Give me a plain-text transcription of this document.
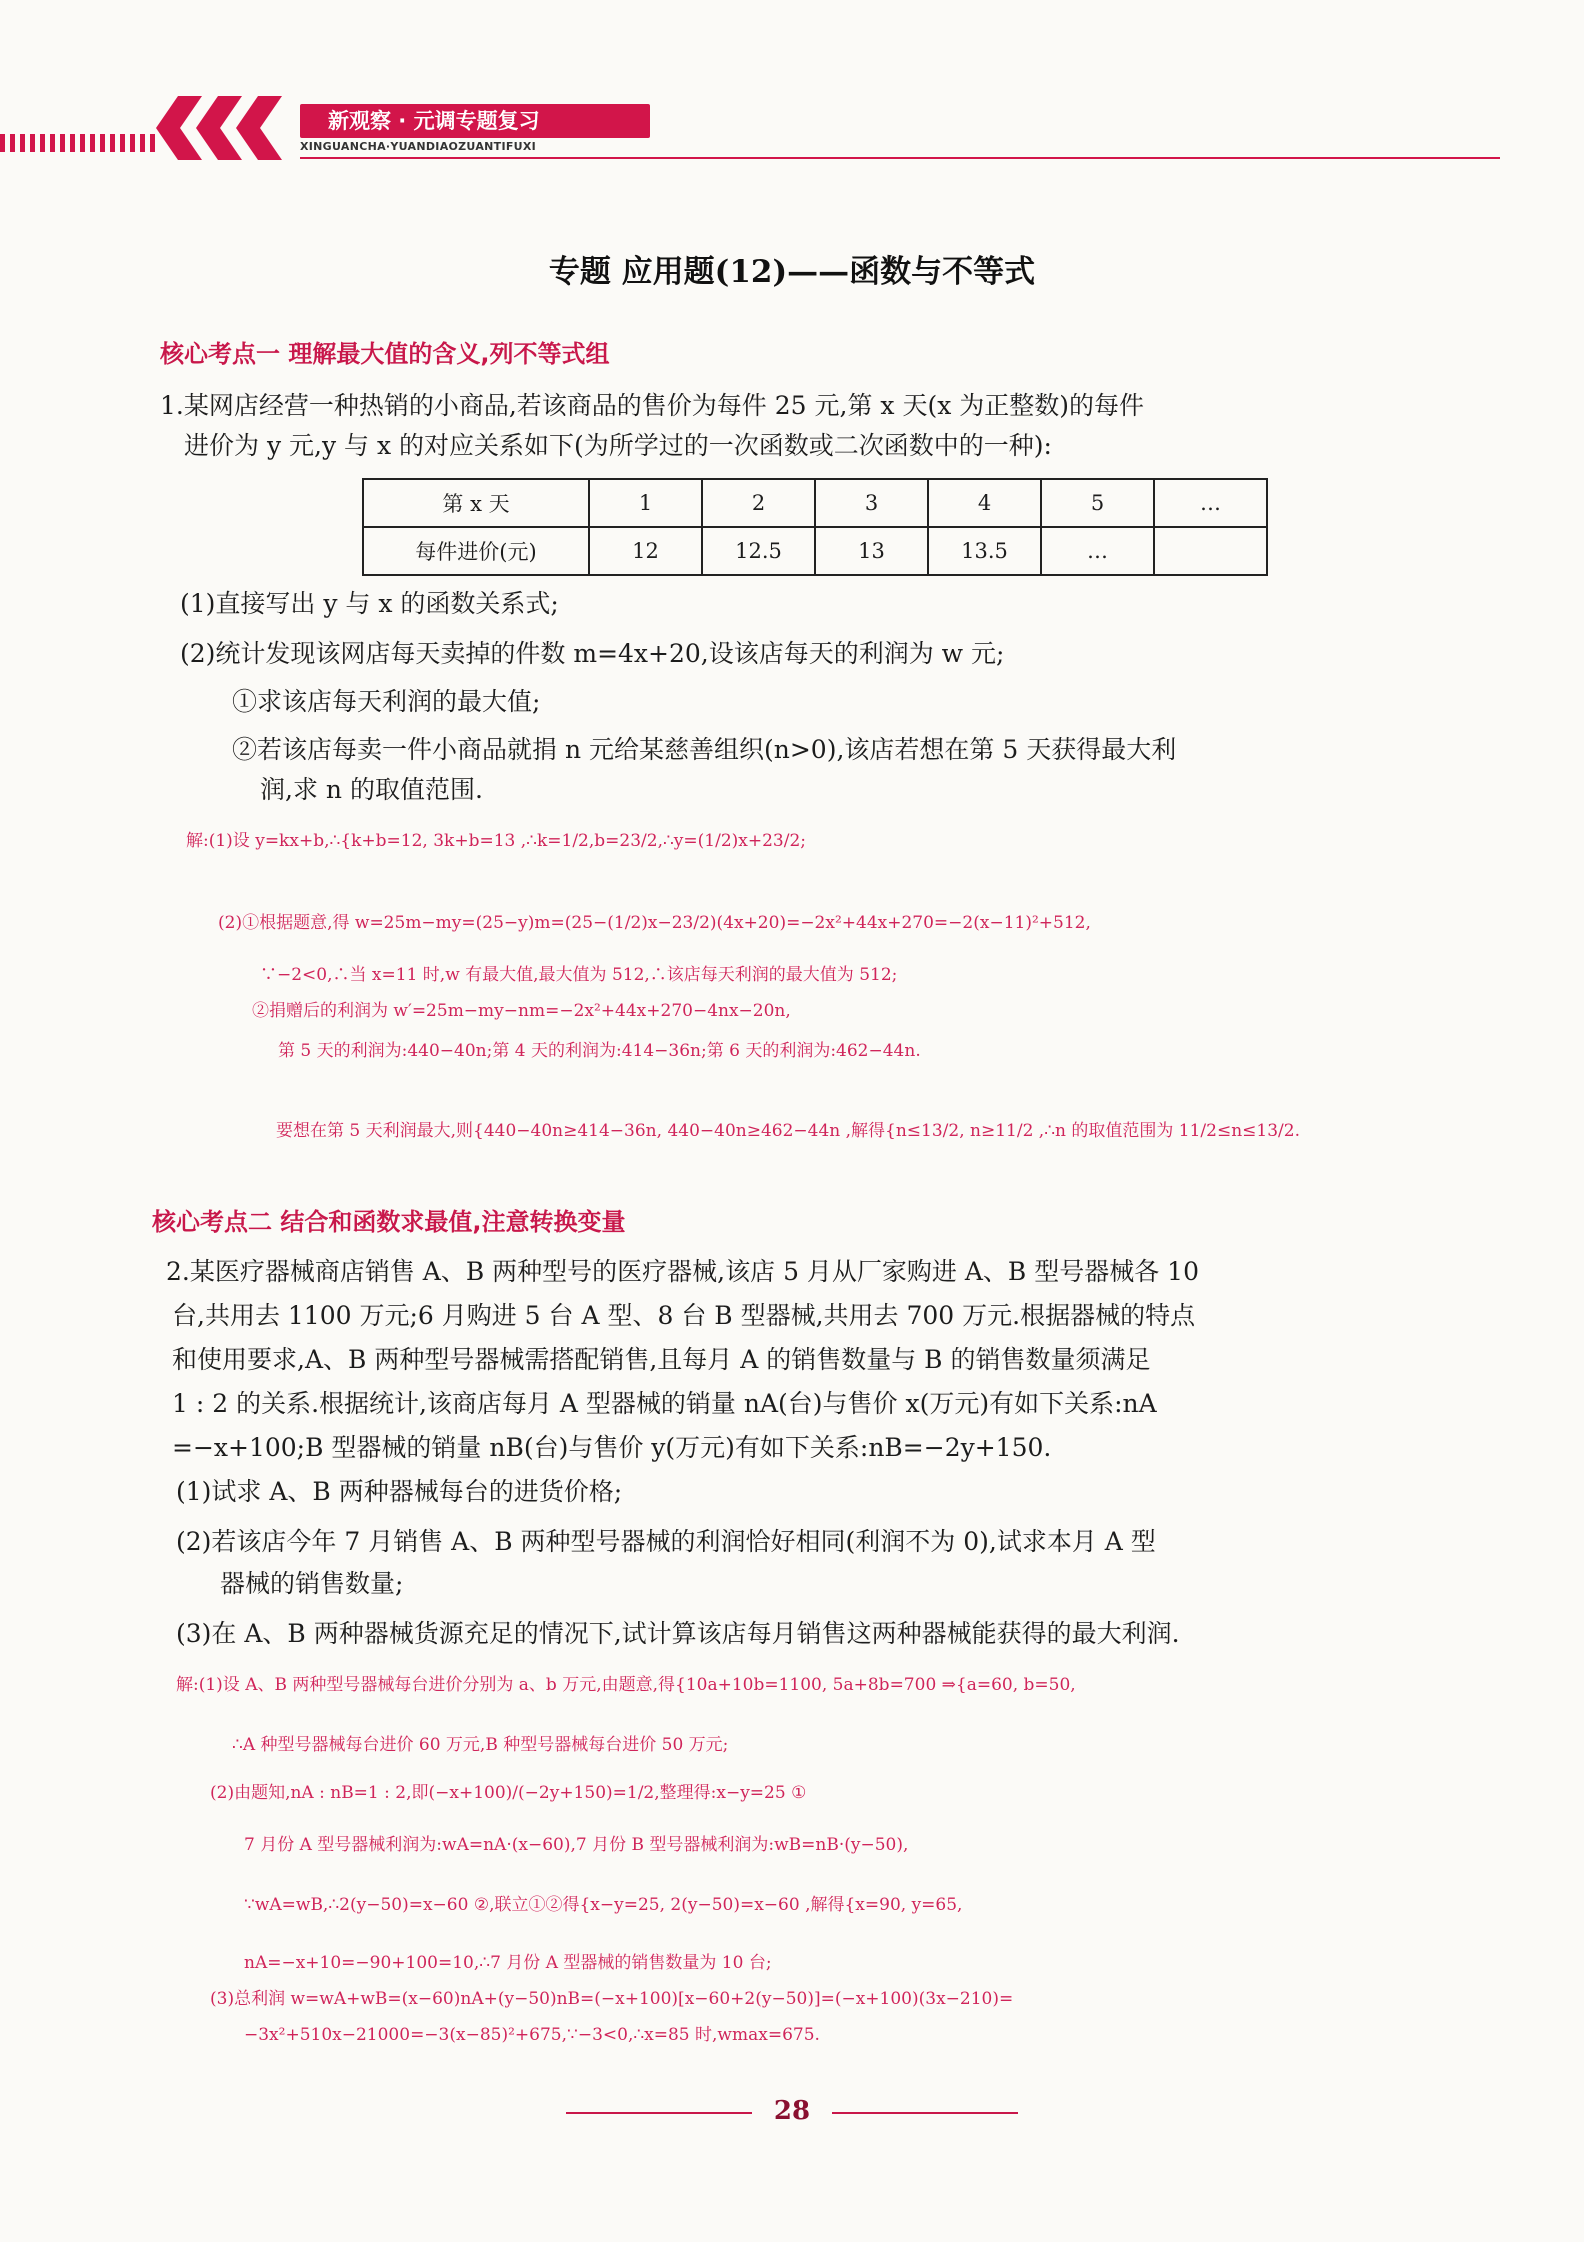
新观察 · 元调专题复习
XINGUANCHA·YUANDIAOZUANTIFUXI
专题 应用题(12)——函数与不等式
核心考点一 理解最大值的含义,列不等式组
1.某网店经营一种热销的小商品,若该商品的售价为每件 25 元,第 x 天(x 为正整数)的每件
进价为 y 元,y 与 x 的对应关系如下(为所学过的一次函数或二次函数中的一种):
第 x 天	1	2	3	4	5	…
每件进价(元)	12	12.5	13	13.5	…	
(1)直接写出 y 与 x 的函数关系式;
(2)统计发现该网店每天卖掉的件数 m=4x+20,设该店每天的利润为 w 元;
①求该店每天利润的最大值;
②若该店每卖一件小商品就捐 n 元给某慈善组织(n>0),该店若想在第 5 天获得最大利
润,求 n 的取值范围.
解:(1)设 y=kx+b,∴{k+b=12, 3k+b=13 ,∴k=1/2,b=23/2,∴y=(1/2)x+23/2;
(2)①根据题意,得 w=25m−my=(25−y)m=(25−(1/2)x−23/2)(4x+20)=−2x²+44x+270=−2(x−11)²+512,
∵−2<0,∴当 x=11 时,w 有最大值,最大值为 512,∴该店每天利润的最大值为 512;
②捐赠后的利润为 w′=25m−my−nm=−2x²+44x+270−4nx−20n,
第 5 天的利润为:440−40n;第 4 天的利润为:414−36n;第 6 天的利润为:462−44n.
要想在第 5 天利润最大,则{440−40n≥414−36n, 440−40n≥462−44n ,解得{n≤13/2, n≥11/2 ,∴n 的取值范围为 11/2≤n≤13/2.
核心考点二 结合和函数求最值,注意转换变量
2.某医疗器械商店销售 A、B 两种型号的医疗器械,该店 5 月从厂家购进 A、B 型号器械各 10
台,共用去 1100 万元;6 月购进 5 台 A 型、8 台 B 型器械,共用去 700 万元.根据器械的特点
和使用要求,A、B 两种型号器械需搭配销售,且每月 A 的销售数量与 B 的销售数量须满足
1 : 2 的关系.根据统计,该商店每月 A 型器械的销量 nA(台)与售价 x(万元)有如下关系:nA
=−x+100;B 型器械的销量 nB(台)与售价 y(万元)有如下关系:nB=−2y+150.
(1)试求 A、B 两种器械每台的进货价格;
(2)若该店今年 7 月销售 A、B 两种型号器械的利润恰好相同(利润不为 0),试求本月 A 型
器械的销售数量;
(3)在 A、B 两种器械货源充足的情况下,试计算该店每月销售这两种器械能获得的最大利润.
解:(1)设 A、B 两种型号器械每台进价分别为 a、b 万元,由题意,得{10a+10b=1100, 5a+8b=700 ⇒{a=60, b=50,
∴A 种型号器械每台进价 60 万元,B 种型号器械每台进价 50 万元;
(2)由题知,nA : nB=1 : 2,即(−x+100)/(−2y+150)=1/2,整理得:x−y=25 ①
7 月份 A 型号器械利润为:wA=nA·(x−60),7 月份 B 型号器械利润为:wB=nB·(y−50),
∵wA=wB,∴2(y−50)=x−60 ②,联立①②得{x−y=25, 2(y−50)=x−60 ,解得{x=90, y=65,
nA=−x+10=−90+100=10,∴7 月份 A 型器械的销售数量为 10 台;
(3)总利润 w=wA+wB=(x−60)nA+(y−50)nB=(−x+100)[x−60+2(y−50)]=(−x+100)(3x−210)=
−3x²+510x−21000=−3(x−85)²+675,∵−3<0,∴x=85 时,wmax=675.
28
